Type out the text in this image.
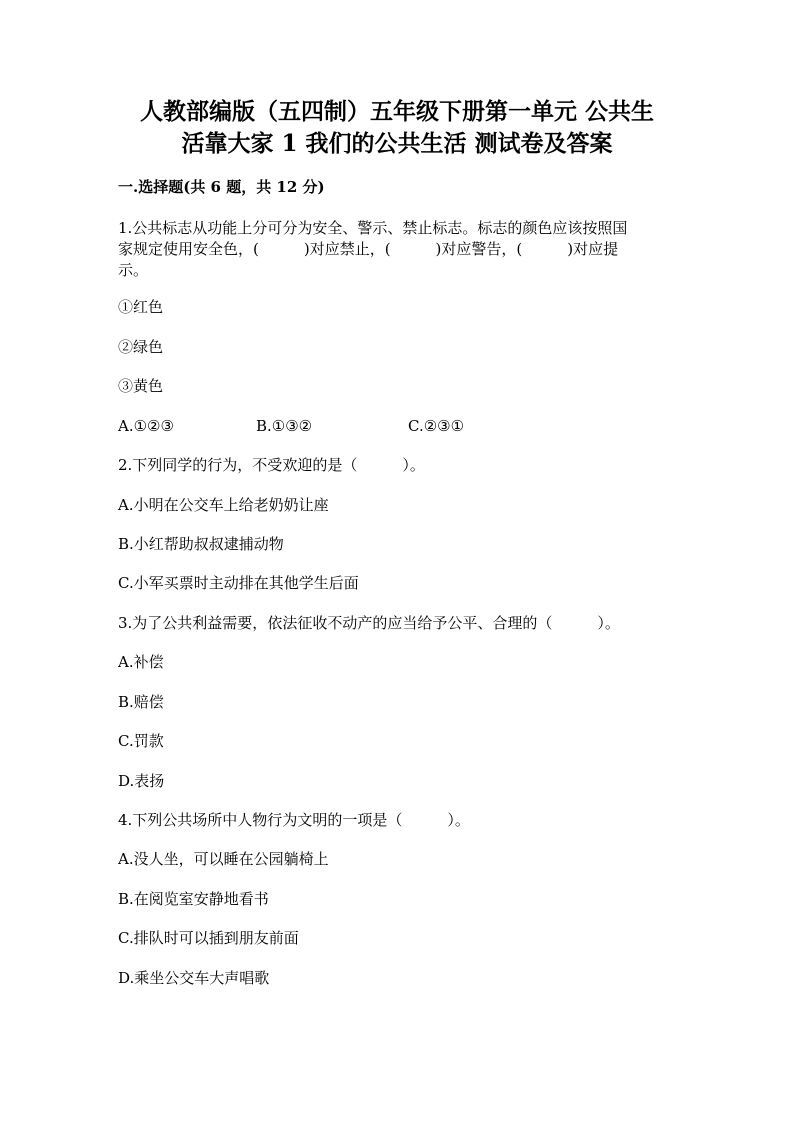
人教部编版（五四制）五年级下册第一单元 公共生
活靠大家 1 我们的公共生活 测试卷及答案
一.选择题(共 6 题，共 12 分)
1.公共标志从功能上分可分为安全、警示、禁止标志。标志的颜色应该按照国
家规定使用安全色，(　　　)对应禁止，(　　　)对应警告，(　　　)对应提
示。
①红色
②绿色
③黄色
A.①②③	B.①③②	C.②③①
2.下列同学的行为，不受欢迎的是（　　　）。
A.小明在公交车上给老奶奶让座
B.小红帮助叔叔逮捕动物
C.小军买票时主动排在其他学生后面
3.为了公共利益需要，依法征收不动产的应当给予公平、合理的（　　　）。
A.补偿
B.赔偿
C.罚款
D.表扬
4.下列公共场所中人物行为文明的一项是（　　　）。
A.没人坐，可以睡在公园躺椅上
B.在阅览室安静地看书
C.排队时可以插到朋友前面
D.乘坐公交车大声唱歌
